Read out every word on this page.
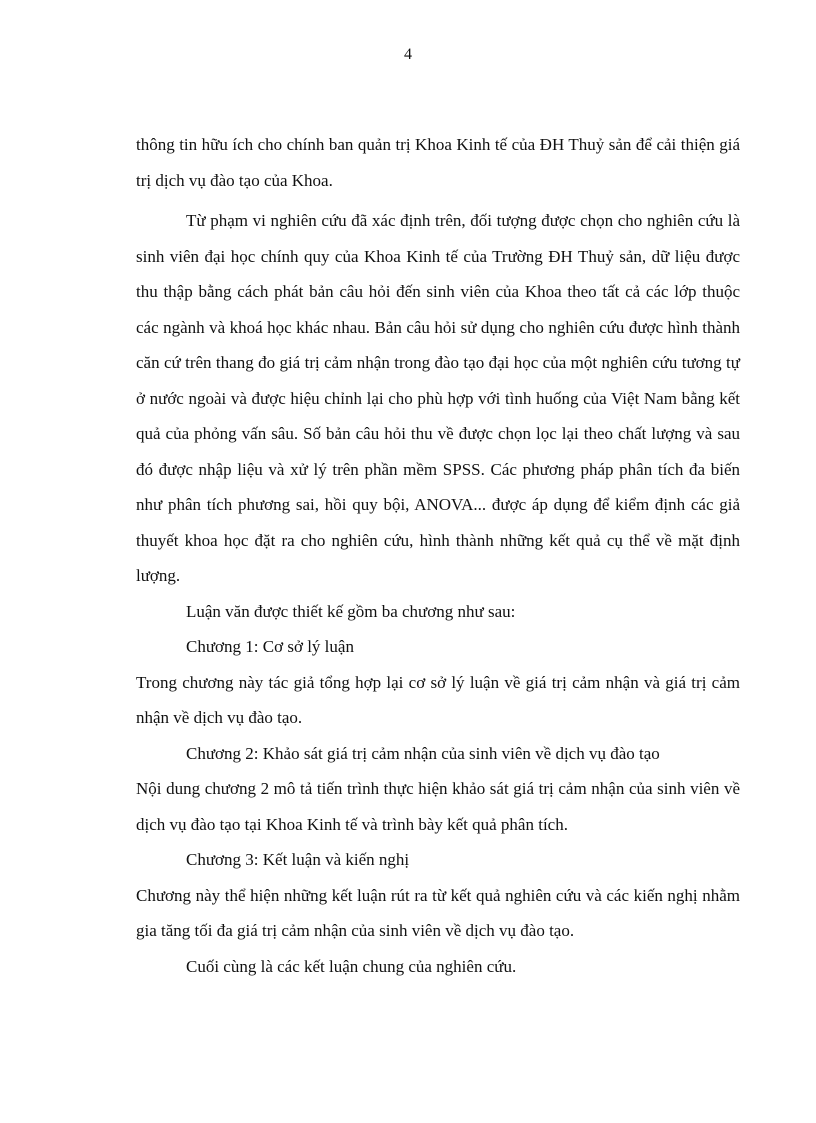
4

thông tin hữu ích cho chính ban quản trị Khoa Kinh tế của ĐH Thuỷ sản để cải thiện giá trị dịch vụ đào tạo của Khoa.

Từ phạm vi nghiên cứu đã xác định trên, đối tượng được chọn cho nghiên cứu là sinh viên đại học chính quy của Khoa Kinh tế của Trường ĐH Thuỷ sản, dữ liệu được thu thập bằng cách phát bản câu hỏi đến sinh viên của Khoa theo tất cả các lớp thuộc các ngành và khoá học khác nhau. Bản câu hỏi sử dụng cho nghiên cứu được hình thành căn cứ trên thang đo giá trị cảm nhận trong đào tạo đại học của một nghiên cứu tương tự ở nước ngoài và được hiệu chỉnh lại cho phù hợp với tình huống của Việt Nam bằng kết quả của phỏng vấn sâu. Số bản câu hỏi thu về được chọn lọc lại theo chất lượng và sau đó được nhập liệu và xử lý trên phần mềm SPSS. Các phương pháp phân tích đa biến như phân tích phương sai, hồi quy bội, ANOVA... được áp dụng để kiểm định các giả thuyết khoa học đặt ra cho nghiên cứu, hình thành những kết quả cụ thể về mặt định lượng.

Luận văn được thiết kế gồm ba chương như sau:

Chương 1: Cơ sở lý luận

Trong chương này tác giả tổng hợp lại cơ sở lý luận về giá trị cảm nhận và giá trị cảm nhận về dịch vụ đào tạo.

Chương 2: Khảo sát giá trị cảm nhận của sinh viên về dịch vụ đào tạo

Nội dung chương 2 mô tả tiến trình thực hiện khảo sát giá trị cảm nhận của sinh viên về dịch vụ đào tạo tại Khoa Kinh tế và trình bày kết quả phân tích.

Chương 3: Kết luận và kiến nghị

Chương này thể hiện những kết luận rút ra từ kết quả nghiên cứu và các kiến nghị nhằm gia tăng tối đa giá trị cảm nhận của sinh viên về dịch vụ đào tạo.

Cuối cùng là các kết luận chung của nghiên cứu.
